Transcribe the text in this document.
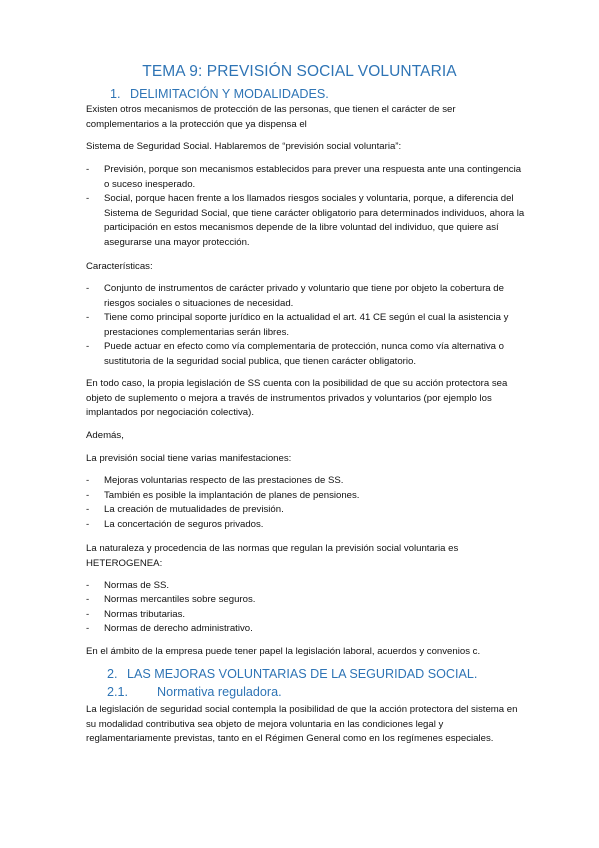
TEMA 9: PREVISIÓN SOCIAL VOLUNTARIA
1. DELIMITACIÓN Y MODALIDADES.

Existen otros mecanismos de protección de las personas, que tienen el carácter de ser complementarios a la protección que ya dispensa el

Sistema de Seguridad Social. Hablaremos de “previsión social voluntaria”:

- Previsión, porque son mecanismos establecidos para prever una respuesta ante una contingencia o suceso inesperado.
- Social, porque hacen frente a los llamados riesgos sociales y voluntaria, porque, a diferencia del Sistema de Seguridad Social, que tiene carácter obligatorio para determinados individuos, ahora la participación en estos mecanismos depende de la libre voluntad del individuo, que quiere así asegurarse una mayor protección.

Características:

- Conjunto de instrumentos de carácter privado y voluntario que tiene por objeto la cobertura de riesgos sociales o situaciones de necesidad.
- Tiene como principal soporte jurídico en la actualidad el art. 41 CE según el cual la asistencia y prestaciones complementarias serán libres.
- Puede actuar en efecto como vía complementaria de protección, nunca como vía alternativa o sustitutoria de la seguridad social publica, que tienen carácter obligatorio.

En todo caso, la propia legislación de SS cuenta con la posibilidad de que su acción protectora sea objeto de suplemento o mejora a través de instrumentos privados y voluntarios (por ejemplo los implantados por negociación colectiva).

Además,

La previsión social tiene varias manifestaciones:

- Mejoras voluntarias respecto de las prestaciones de SS.
- También es posible la implantación de planes de pensiones.
- La creación de mutualidades de previsión.
- La concertación de seguros privados.

La naturaleza y procedencia de las normas que regulan la previsión social voluntaria es HETEROGENEA:

- Normas de SS.
- Normas mercantiles sobre seguros.
- Normas tributarias.
- Normas de derecho administrativo.

En el ámbito de la empresa puede tener papel la legislación laboral, acuerdos y convenios c.

2. LAS MEJORAS VOLUNTARIAS DE LA SEGURIDAD SOCIAL.
2.1. Normativa reguladora.

La legislación de seguridad social contempla la posibilidad de que la acción protectora del sistema en su modalidad contributiva sea objeto de mejora voluntaria en las condiciones legal y reglamentariamente previstas, tanto en el Régimen General como en los regímenes especiales.
